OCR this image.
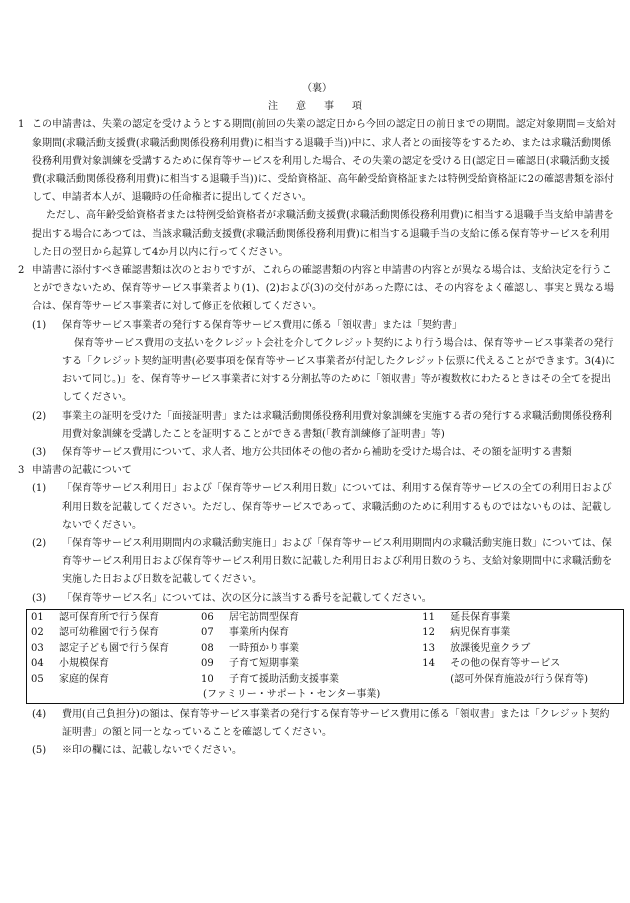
（裏）

注　意　事　項

1 この申請書は、失業の認定を受けようとする期間(前回の失業の認定日から今回の認定日の前日までの期間。認定対象期間＝支給対象期間(求職活動支援費(求職活動関係役務利用費)に相当する退職手当))中に、求人者との面接等をするため、または求職活動関係役務利用費対象訓練を受講するために保育等サービスを利用した場合、その失業の認定を受ける日(認定日＝確認日(求職活動支援費(求職活動関係役務利用費)に相当する退職手当))に、受給資格証、高年齢受給資格証または特例受給資格証に2の確認書類を添付して、申請者本人が、退職時の任命権者に提出してください。

ただし、高年齢受給資格者または特例受給資格者が求職活動支援費(求職活動関係役務利用費)に相当する退職手当支給申請書を提出する場合にあつては、当該求職活動支援費(求職活動関係役務利用費)に相当する退職手当の支給に係る保育等サービスを利用した日の翌日から起算して4か月以内に行ってください。

2 申請書に添付すべき確認書類は次のとおりですが、これらの確認書類の内容と申請書の内容とが異なる場合は、支給決定を行うことができないため、保育等サービス事業者より(1)、(2)および(3)の交付があった際には、その内容をよく確認し、事実と異なる場合は、保育等サービス事業者に対して修正を依頼してください。

(1)	保育等サービス事業者の発行する保育等サービス費用に係る「領収書」または「契約書」

保育等サービス費用の支払いをクレジット会社を介してクレジット契約により行う場合は、保育等サービス事業者の発行する「クレジット契約証明書(必要事項を保育等サービス事業者が付記したクレジット伝票に代えることができます。3(4)において同じ。)」を、保育等サービス事業者に対する分割払等のために「領収書」等が複数枚にわたるときはその全てを提出してください。

(2)	事業主の証明を受けた「面接証明書」または求職活動関係役務利用費対象訓練を実施する者の発行する求職活動関係役務利用費対象訓練を受講したことを証明することができる書類(「教育訓練修了証明書」等)

(3)	保育等サービス費用について、求人者、地方公共団体その他の者から補助を受けた場合は、その額を証明する書類

3 申請書の記載について

(1)	「保育等サービス利用日」および「保育等サービス利用日数」については、利用する保育等サービスの全ての利用日および利用日数を記載してください。ただし、保育等サービスであって、求職活動のために利用するものではないものは、記載しないでください。

(2)	「保育等サービス利用期間内の求職活動実施日」および「保育等サービス利用期間内の求職活動実施日数」については、保育等サービス利用日および保育等サービス利用日数に記載した利用日および利用日数のうち、支給対象期間中に求職活動を実施した日および日数を記載してください。

(3)	「保育等サービス名」については、次の区分に該当する番号を記載してください。

01	認可保育所で行う保育	06	居宅訪問型保育	11	延長保育事業
02	認可幼稚園で行う保育	07	事業所内保育	12	病児保育事業
03	認定子ども園で行う保育	08	一時預かり事業	13	放課後児童クラブ
04	小規模保育	09	子育て短期事業	14	その他の保育等サービス
05	家庭的保育	10	子育て援助活動支援事業		(認可外保育施設が行う保育等)
		(ファミリー・サポート・センター事業)			
(4)	費用(自己負担分)の額は、保育等サービス事業者の発行する保育等サービス費用に係る「領収書」または「クレジット契約証明書」の額と同一となっていることを確認してください。

(5)	※印の欄には、記載しないでください。
